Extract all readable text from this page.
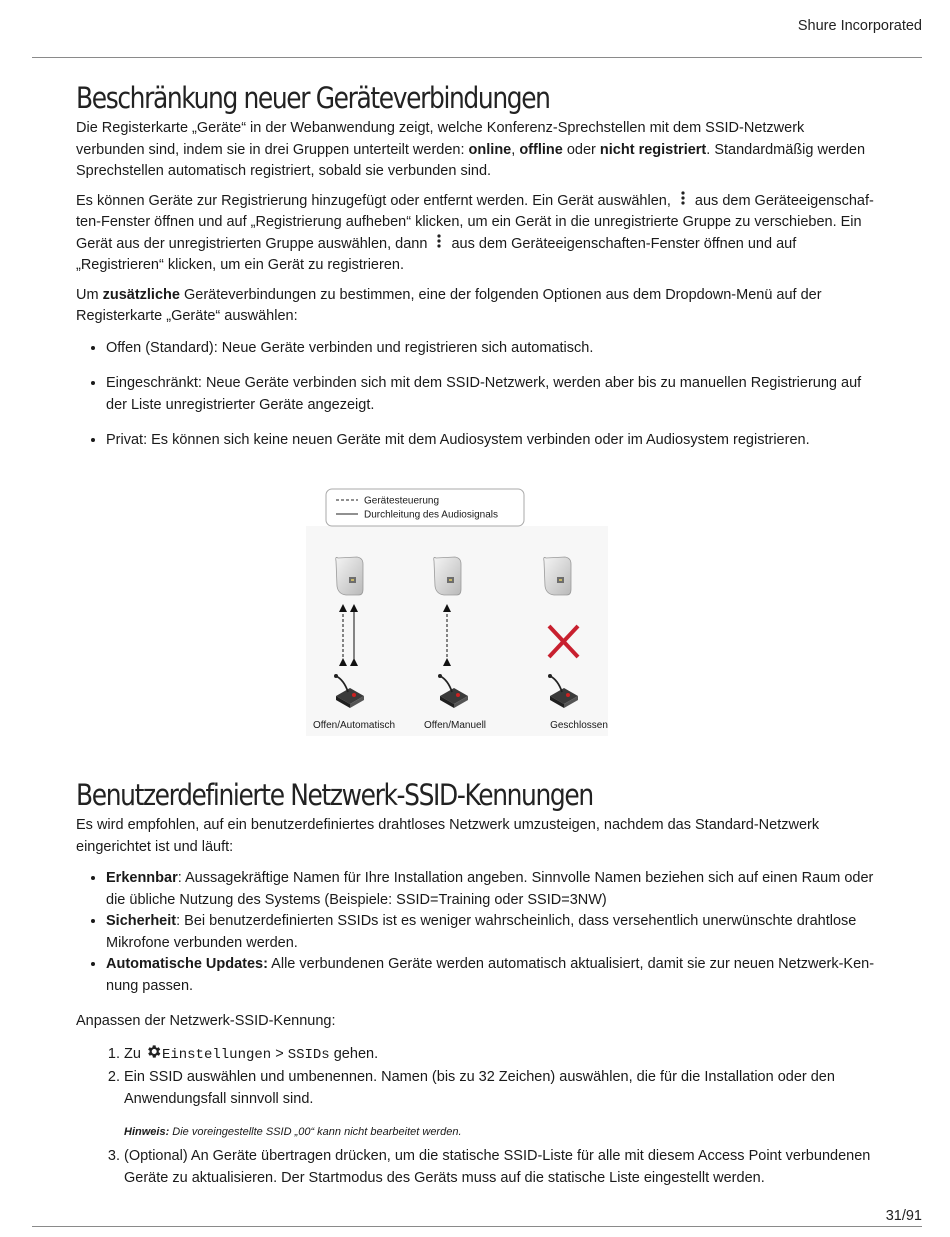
Shure Incorporated
Beschränkung neuer Geräteverbindungen

Die Registerkarte „Geräte“ in der Webanwendung zeigt, welche Konferenz-Sprechstellen mit dem SSID-Netzwerk verbunden sind, indem sie in drei Gruppen unterteilt werden: online, offline oder nicht registriert. Standardmäßig werden Sprechstellen automatisch registriert, sobald sie verbunden sind.

Es können Geräte zur Registrierung hinzugefügt oder entfernt werden. Ein Gerät auswählen,  aus dem Geräteeigenschaften-Fenster öffnen und auf „Registrierung aufheben“ klicken, um ein Gerät in die unregistrierte Gruppe zu verschieben. Ein Gerät aus der unregistrierten Gruppe auswählen, dann  aus dem Geräteeigenschaften-Fenster öffnen und auf „Registrieren“ klicken, um ein Gerät zu registrieren.

Um zusätzliche Geräteverbindungen zu bestimmen, eine der folgenden Optionen aus dem Dropdown-Menü auf der Registerkarte „Geräte“ auswählen:

• Offen (Standard): Neue Geräte verbinden und registrieren sich automatisch.
• Eingeschränkt: Neue Geräte verbinden sich mit dem SSID-Netzwerk, werden aber bis zu manuellen Registrierung auf der Liste unregistrierter Geräte angezeigt.
• Privat: Es können sich keine neuen Geräte mit dem Audiosystem verbinden oder im Audiosystem registrieren.
Gerätesteuerung
Durchleitung des Audiosignals
Offen/Automatisch	Offen/Manuell	Geschlossen
Benutzerdefinierte Netzwerk-SSID-Kennungen

Es wird empfohlen, auf ein benutzerdefiniertes drahtloses Netzwerk umzusteigen, nachdem das Standard-Netzwerk eingerichtet ist und läuft:

• Erkennbar: Aussagekräftige Namen für Ihre Installation angeben. Sinnvolle Namen beziehen sich auf einen Raum oder die übliche Nutzung des Systems (Beispiele: SSID=Training oder SSID=3NW)
• Sicherheit: Bei benutzerdefinierten SSIDs ist es weniger wahrscheinlich, dass versehentlich unerwünschte drahtlose Mikrofone verbunden werden.
• Automatische Updates: Alle verbundenen Geräte werden automatisch aktualisiert, damit sie zur neuen Netzwerk-Kennung passen.

Anpassen der Netzwerk-SSID-Kennung:

1. Zu Einstellungen > SSIDs gehen.
2. Ein SSID auswählen und umbenennen. Namen (bis zu 32 Zeichen) auswählen, die für die Installation oder den Anwendungsfall sinnvoll sind.
Hinweis: Die voreingestellte SSID „00“ kann nicht bearbeitet werden.
3. (Optional) An Geräte übertragen drücken, um die statische SSID-Liste für alle mit diesem Access Point verbundenen Geräte zu aktualisieren. Der Startmodus des Geräts muss auf die statische Liste eingestellt werden.
31/91
